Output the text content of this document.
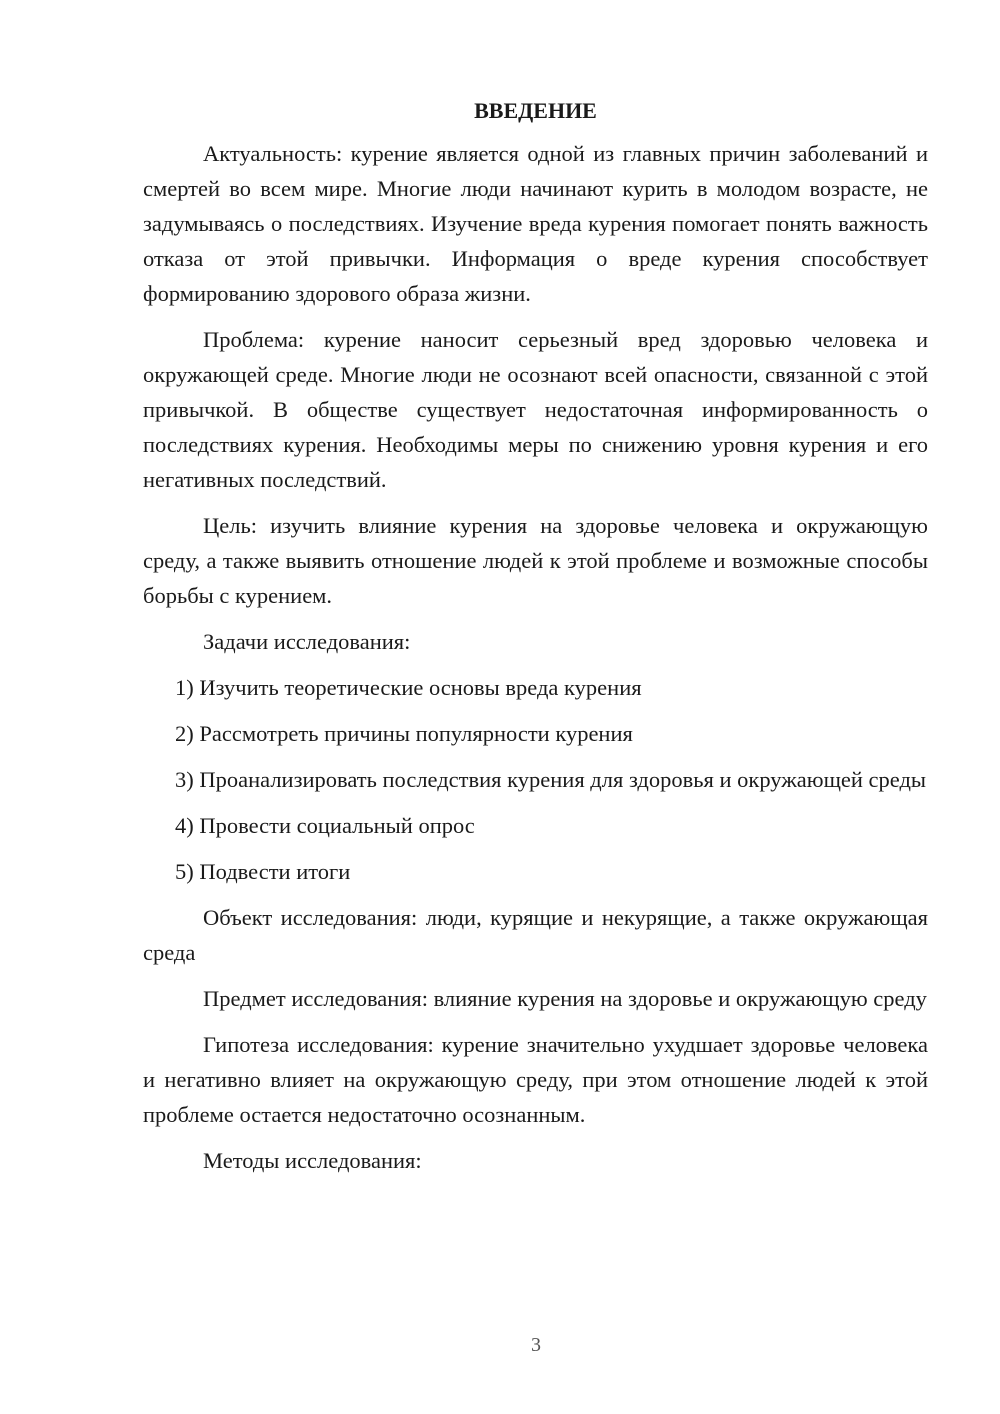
ВВЕДЕНИЕ

Актуальность: курение является одной из главных причин заболеваний и смертей во всем мире. Многие люди начинают курить в молодом возрасте, не задумываясь о последствиях. Изучение вреда курения помогает понять важность отказа от этой привычки. Информация о вреде курения способствует формированию здорового образа жизни.

Проблема: курение наносит серьезный вред здоровью человека и окружающей среде. Многие люди не осознают всей опасности, связанной с этой привычкой. В обществе существует недостаточная информированность о последствиях курения. Необходимы меры по снижению уровня курения и его негативных последствий.

Цель: изучить влияние курения на здоровье человека и окружающую среду, а также выявить отношение людей к этой проблеме и возможные способы борьбы с курением.

Задачи исследования:

1) Изучить теоретические основы вреда курения

2) Рассмотреть причины популярности курения

3) Проанализировать последствия курения для здоровья и окружающей среды

4) Провести социальный опрос

5) Подвести итоги

Объект исследования: люди, курящие и некурящие, а также окружающая среда

Предмет исследования: влияние курения на здоровье и окружающую среду

Гипотеза исследования: курение значительно ухудшает здоровье человека и негативно влияет на окружающую среду, при этом отношение людей к этой проблеме остается недостаточно осознанным.

Методы исследования:

3
